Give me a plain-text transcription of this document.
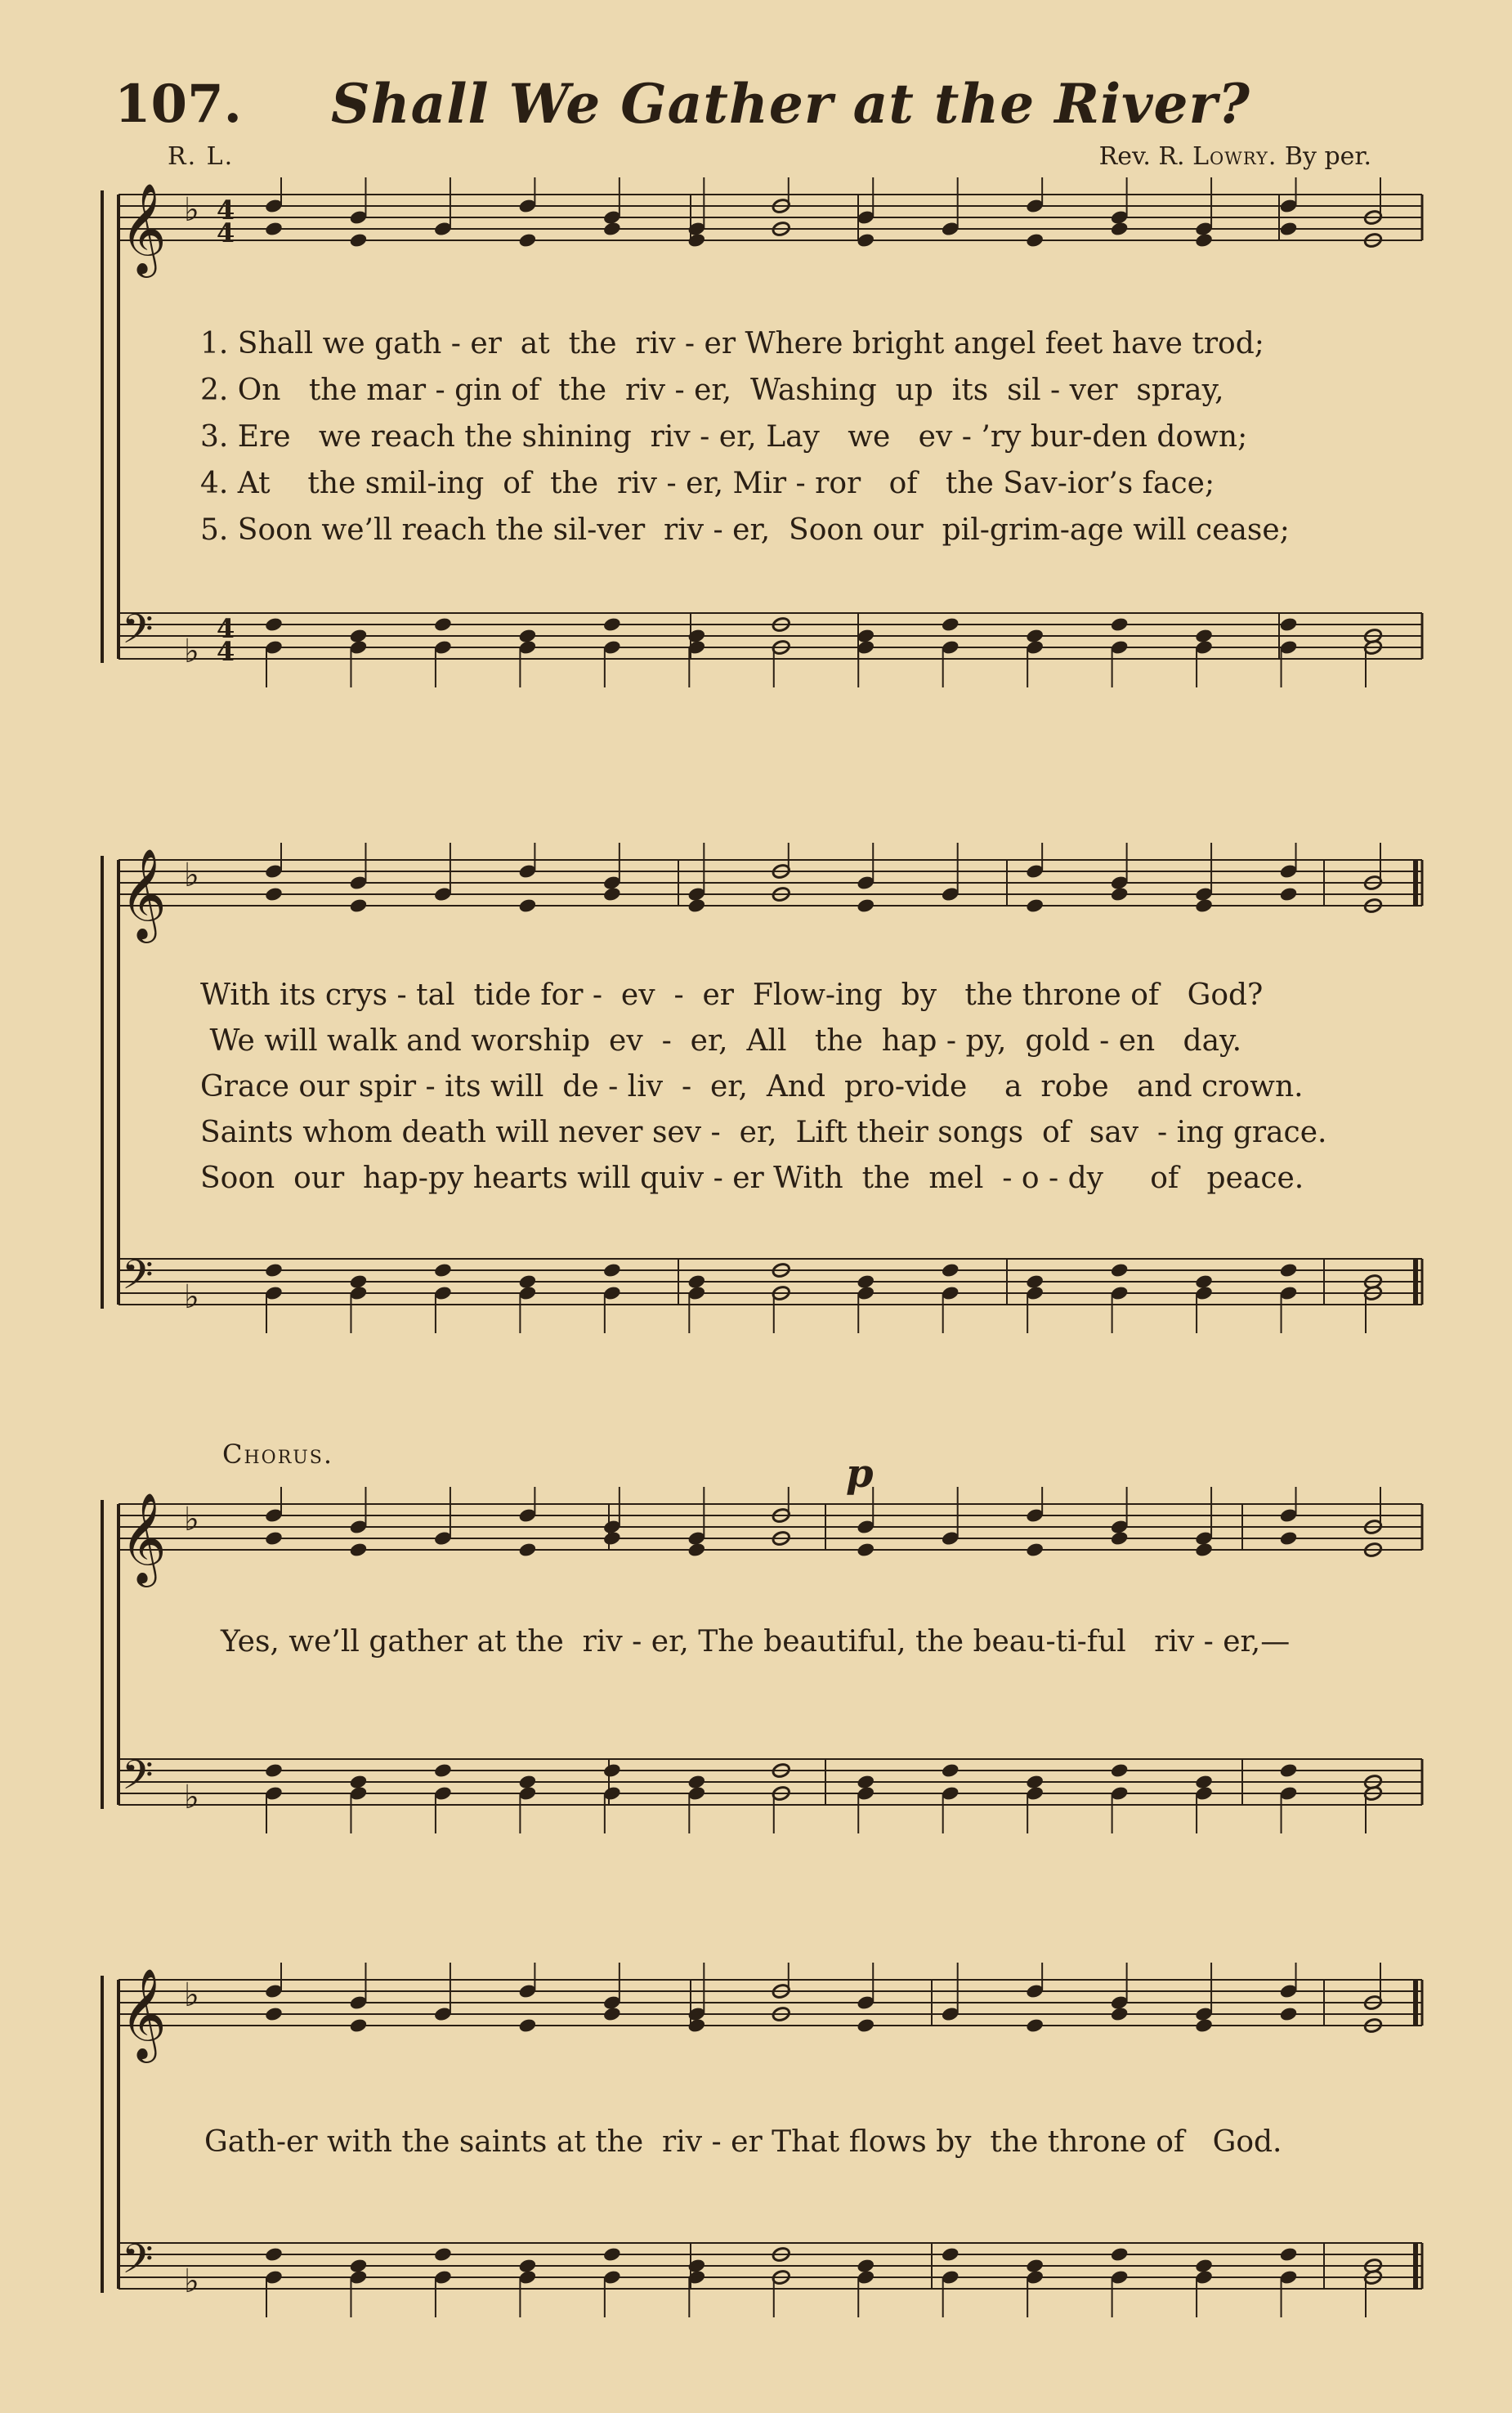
107. Shall We Gather at the River?
R. L.	Rev. R. Lowry. By per.
𝄞
𝄢
♭
♭
4
4
4
4
𝄞
𝄢
♭
♭
𝄞
𝄢
♭
♭
𝄞
𝄢
♭
♭
1. Shall we gath - er  at  the  riv - er Where bright angel feet have trod;
2. On   the mar - gin of  the  riv - er,  Washing  up  its  sil - ver  spray,
3. Ere   we reach the shining  riv - er, Lay   we   ev - ’ry bur-den down;
4. At    the smil-ing  of  the  riv - er, Mir - ror   of   the Sav-ior’s face;
5. Soon we’ll reach the sil-ver  riv - er,  Soon our  pil-grim-age will cease;
With its crys - tal  tide for -  ev  -  er  Flow-ing  by   the throne of   God?
We will walk and worship  ev  -  er,  All   the  hap - py,  gold - en   day.
Grace our spir - its will  de - liv  -  er,  And  pro-vide    a  robe   and crown.
Saints whom death will never sev -  er,  Lift their songs  of  sav  - ing grace.
Soon  our  hap-py hearts will quiv - er With  the  mel  - o - dy     of   peace.
Chorus.	p
Yes, we’ll gather at the  riv - er, The beautiful, the beau-ti-ful   riv - er,—
Gath-er with the saints at the  riv - er That flows by  the throne of   God.
